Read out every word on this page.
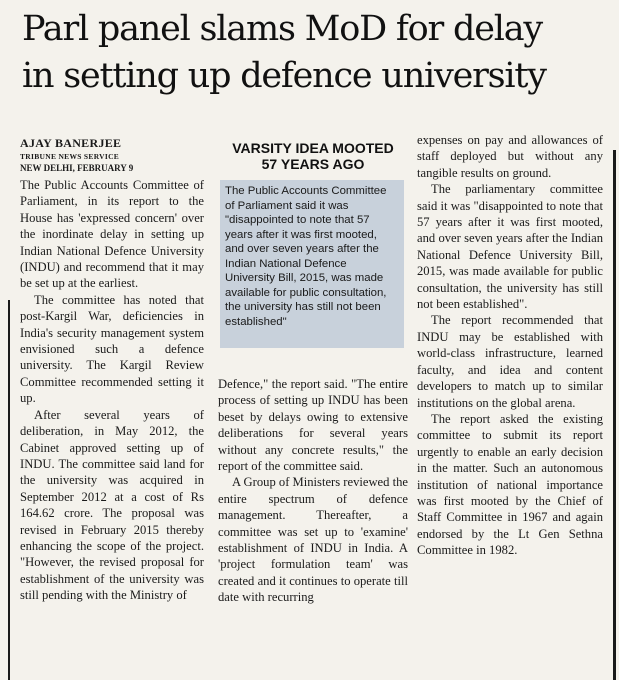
Parl panel slams MoD for delay
in setting up defence university
AJAY BANERJEE
TRIBUNE NEWS SERVICE
NEW DELHI, FEBRUARY 9

The Public Accounts Committee of Parliament, in its report to the House has 'expressed concern' over the inordinate delay in setting up Indian National Defence University (INDU) and recommend that it may be set up at the earliest.

The committee has noted that post-Kargil War, deficiencies in India's security management system envisioned such a defence university. The Kargil Review Committee recommended setting it up.

After several years of deliberation, in May 2012, the Cabinet approved setting up of INDU. The committee said land for the university was acquired in September 2012 at a cost of Rs 164.62 crore. The proposal was revised in February 2015 thereby enhancing the scope of the project. "However, the revised proposal for establishment of the university was still pending with the Ministry of

VARSITY IDEA MOOTED
57 YEARS AGO

The Public Accounts Committee of Parliament said it was "disappointed to note that 57 years after it was first mooted, and over seven years after the Indian National Defence University Bill, 2015, was made available for public consultation, the university has still not been established"

Defence," the report said. "The entire process of setting up INDU has been beset by delays owing to extensive deliberations for several years without any concrete results," the report of the committee said.

A Group of Ministers reviewed the entire spectrum of defence management. Thereafter, a committee was set up to 'examine' establishment of INDU in India. A 'project formulation team' was created and it continues to operate till date with recurring

expenses on pay and allowances of staff deployed but without any tangible results on ground.

The parliamentary committee said it was "disappointed to note that 57 years after it was first mooted, and over seven years after the Indian National Defence University Bill, 2015, was made available for public consultation, the university has still not been established".

The report recommended that INDU may be established with world-class infrastructure, learned faculty, and idea and content developers to match up to similar institutions on the global arena.

The report asked the existing committee to submit its report urgently to enable an early decision in the matter. Such an autonomous institution of national importance was first mooted by the Chief of Staff Committee in 1967 and again endorsed by the Lt Gen Sethna Committee in 1982.
